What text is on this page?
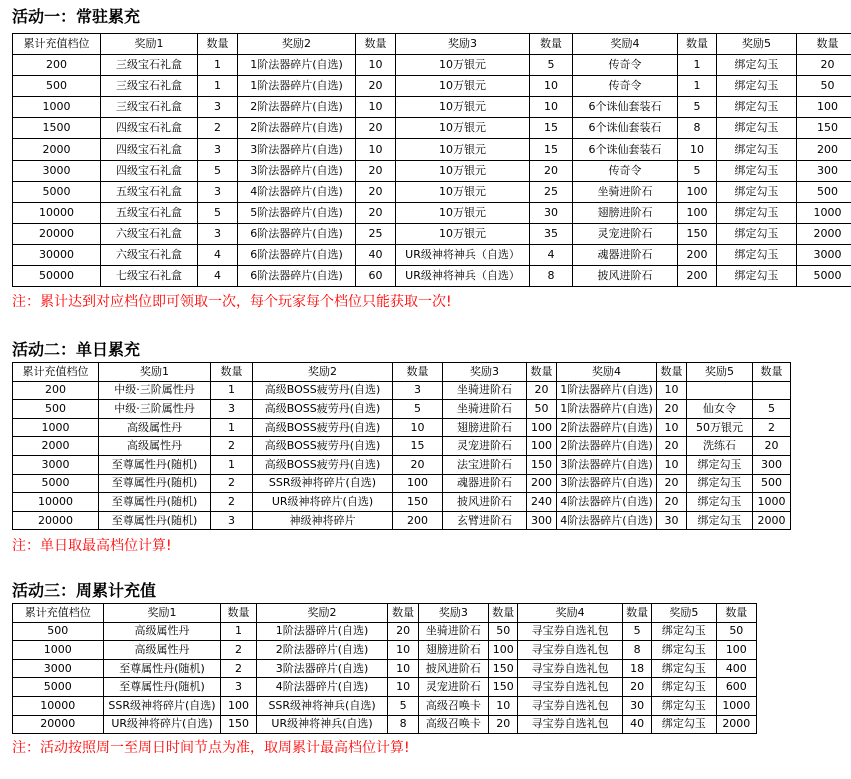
活动一：常驻累充
累计充值档位	奖励1	数量	奖励2	数量	奖励3	数量	奖励4	数量	奖励5	数量
200	三级宝石礼盒	1	1阶法器碎片(自选)	10	10万银元	5	传奇令	1	绑定勾玉	20
500	三级宝石礼盒	1	1阶法器碎片(自选)	20	10万银元	10	传奇令	1	绑定勾玉	50
1000	三级宝石礼盒	3	2阶法器碎片(自选)	10	10万银元	10	6个诛仙套装石	5	绑定勾玉	100
1500	四级宝石礼盒	2	2阶法器碎片(自选)	20	10万银元	15	6个诛仙套装石	8	绑定勾玉	150
2000	四级宝石礼盒	3	3阶法器碎片(自选)	10	10万银元	15	6个诛仙套装石	10	绑定勾玉	200
3000	四级宝石礼盒	5	3阶法器碎片(自选)	20	10万银元	20	传奇令	5	绑定勾玉	300
5000	五级宝石礼盒	3	4阶法器碎片(自选)	20	10万银元	25	坐骑进阶石	100	绑定勾玉	500
10000	五级宝石礼盒	5	5阶法器碎片(自选)	20	10万银元	30	翅膀进阶石	100	绑定勾玉	1000
20000	六级宝石礼盒	3	6阶法器碎片(自选)	25	10万银元	35	灵宠进阶石	150	绑定勾玉	2000
30000	六级宝石礼盒	4	6阶法器碎片(自选)	40	UR级神将神兵（自选）	4	魂器进阶石	200	绑定勾玉	3000
50000	七级宝石礼盒	4	6阶法器碎片(自选)	60	UR级神将神兵（自选）	8	披风进阶石	200	绑定勾玉	5000
注：累计达到对应档位即可领取一次，每个玩家每个档位只能获取一次!
活动二：单日累充
累计充值档位	奖励1	数量	奖励2	数量	奖励3	数量	奖励4	数量	奖励5	数量
200	中级·三阶属性丹	1	高级BOSS疲劳丹(自选)	3	坐骑进阶石	20	1阶法器碎片(自选)	10		
500	中级·三阶属性丹	3	高级BOSS疲劳丹(自选)	5	坐骑进阶石	50	1阶法器碎片(自选)	20	仙女令	5
1000	高级属性丹	1	高级BOSS疲劳丹(自选)	10	翅膀进阶石	100	2阶法器碎片(自选)	10	50万银元	2
2000	高级属性丹	2	高级BOSS疲劳丹(自选)	15	灵宠进阶石	100	2阶法器碎片(自选)	20	洗练石	20
3000	至尊属性丹(随机)	1	高级BOSS疲劳丹(自选)	20	法宝进阶石	150	3阶法器碎片(自选)	10	绑定勾玉	300
5000	至尊属性丹(随机)	2	SSR级神将碎片(自选)	100	魂器进阶石	200	3阶法器碎片(自选)	20	绑定勾玉	500
10000	至尊属性丹(随机)	2	UR级神将碎片(自选)	150	披风进阶石	240	4阶法器碎片(自选)	20	绑定勾玉	1000
20000	至尊属性丹(随机)	3	神级神将碎片	200	玄臂进阶石	300	4阶法器碎片(自选)	30	绑定勾玉	2000
注：单日取最高档位计算!
活动三：周累计充值
累计充值档位	奖励1	数量	奖励2	数量	奖励3	数量	奖励4	数量	奖励5	数量
500	高级属性丹	1	1阶法器碎片(自选)	20	坐骑进阶石	50	寻宝券自选礼包	5	绑定勾玉	50
1000	高级属性丹	2	2阶法器碎片(自选)	10	翅膀进阶石	100	寻宝券自选礼包	8	绑定勾玉	100
3000	至尊属性丹(随机)	2	3阶法器碎片(自选)	10	披风进阶石	150	寻宝券自选礼包	18	绑定勾玉	400
5000	至尊属性丹(随机)	3	4阶法器碎片(自选)	10	灵宠进阶石	150	寻宝券自选礼包	20	绑定勾玉	600
10000	SSR级神将碎片(自选)	100	SSR级神将神兵(自选)	5	高级召唤卡	10	寻宝券自选礼包	30	绑定勾玉	1000
20000	UR级神将碎片(自选)	150	UR级神将神兵(自选)	8	高级召唤卡	20	寻宝券自选礼包	40	绑定勾玉	2000
注：活动按照周一至周日时间节点为准，取周累计最高档位计算!
